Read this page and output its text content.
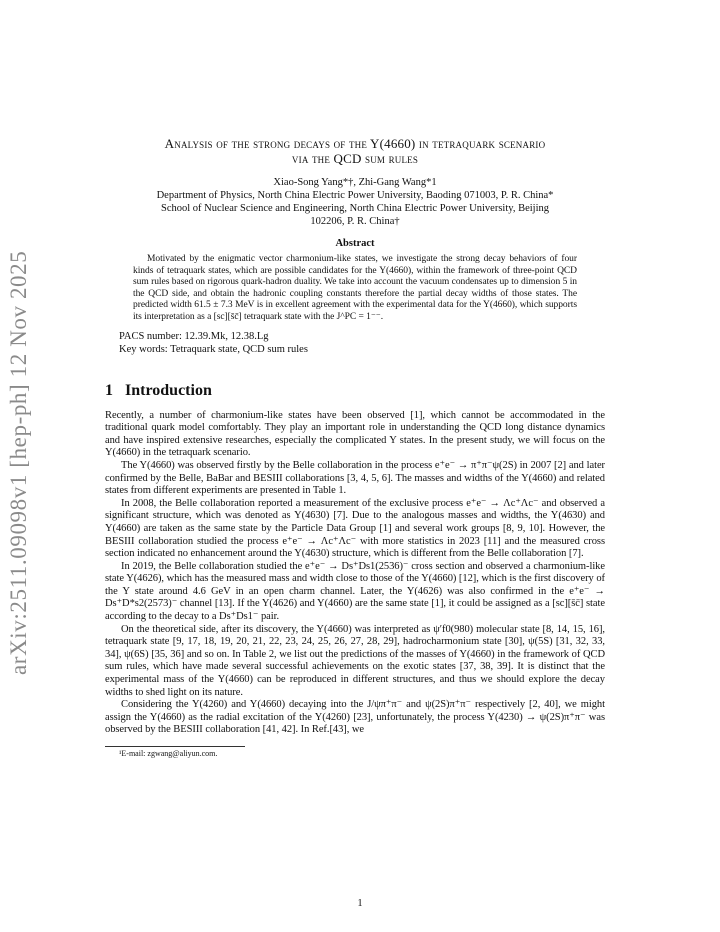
arXiv:2511.09098v1 [hep-ph] 12 Nov 2025
Analysis of the strong decays of the Y(4660) in tetraquark scenario
via the QCD sum rules
Xiao-Song Yang*†, Zhi-Gang Wang*1
Department of Physics, North China Electric Power University, Baoding 071003, P. R. China*
School of Nuclear Science and Engineering, North China Electric Power University, Beijing
102206, P. R. China†
Abstract

Motivated by the enigmatic vector charmonium-like states, we investigate the strong decay behaviors of four kinds of tetraquark states, which are possible candidates for the Y(4660), within the framework of three-point QCD sum rules based on rigorous quark-hadron duality. We take into account the vacuum condensates up to dimension 5 in the QCD side, and obtain the hadronic coupling constants therefore the partial decay widths of those states. The predicted width 61.5 ± 7.3 MeV is in excellent agreement with the experimental data for the Y(4660), which supports its interpretation as a [sc][s̄c̄] tetraquark state with the J^PC = 1⁻⁻.

PACS number: 12.39.Mk, 12.38.Lg
Key words: Tetraquark state, QCD sum rules
1 Introduction

Recently, a number of charmonium-like states have been observed [1], which cannot be accommodated in the traditional quark model comfortably. They play an important role in understanding the QCD long distance dynamics and have inspired extensive researches, especially the complicated Y states. In the present study, we will focus on the Y(4660) in the tetraquark scenario.

The Y(4660) was observed firstly by the Belle collaboration in the process e⁺e⁻ → π⁺π⁻ψ(2S) in 2007 [2] and later confirmed by the Belle, BaBar and BESIII collaborations [3, 4, 5, 6]. The masses and widths of the Y(4660) and related states from different experiments are presented in Table 1.

In 2008, the Belle collaboration reported a measurement of the exclusive process e⁺e⁻ → Λc⁺Λc⁻ and observed a significant structure, which was denoted as Y(4630) [7]. Due to the analogous masses and widths, the Y(4630) and Y(4660) are taken as the same state by the Particle Data Group [1] and several work groups [8, 9, 10]. However, the BESIII collaboration studied the process e⁺e⁻ → Λc⁺Λc⁻ with more statistics in 2023 [11] and the measured cross section indicated no enhancement around the Y(4630) structure, which is different from the Belle collaboration [7].

In 2019, the Belle collaboration studied the e⁺e⁻ → Ds⁺Ds1(2536)⁻ cross section and observed a charmonium-like state Y(4626), which has the measured mass and width close to those of the Y(4660) [12], which is the first discovery of the Y state around 4.6 GeV in an open charm channel. Later, the Y(4626) was also confirmed in the e⁺e⁻ → Ds⁺D*s2(2573)⁻ channel [13]. If the Y(4626) and Y(4660) are the same state [1], it could be assigned as a [sc][s̄c̄] state according to the decay to a Ds⁺Ds1⁻ pair.

On the theoretical side, after its discovery, the Y(4660) was interpreted as ψ′f0(980) molecular state [8, 14, 15, 16], tetraquark state [9, 17, 18, 19, 20, 21, 22, 23, 24, 25, 26, 27, 28, 29], hadrocharmonium state [30], ψ(5S) [31, 32, 33, 34], ψ(6S) [35, 36] and so on. In Table 2, we list out the predictions of the masses of Y(4660) in the framework of QCD sum rules, which have made several successful achievements on the exotic states [37, 38, 39]. It is distinct that the experimental mass of the Y(4660) can be reproduced in different structures, and thus we should explore the decay widths to shed light on its nature.

Considering the Y(4260) and Y(4660) decaying into the J/ψπ⁺π⁻ and ψ(2S)π⁺π⁻ respectively [2, 40], we might assign the Y(4660) as the radial excitation of the Y(4260) [23], unfortunately, the process Y(4230) → ψ(2S)π⁺π⁻ was observed by the BESIII collaboration [41, 42]. In Ref.[43], we

¹E-mail: zgwang@aliyun.com.
1
